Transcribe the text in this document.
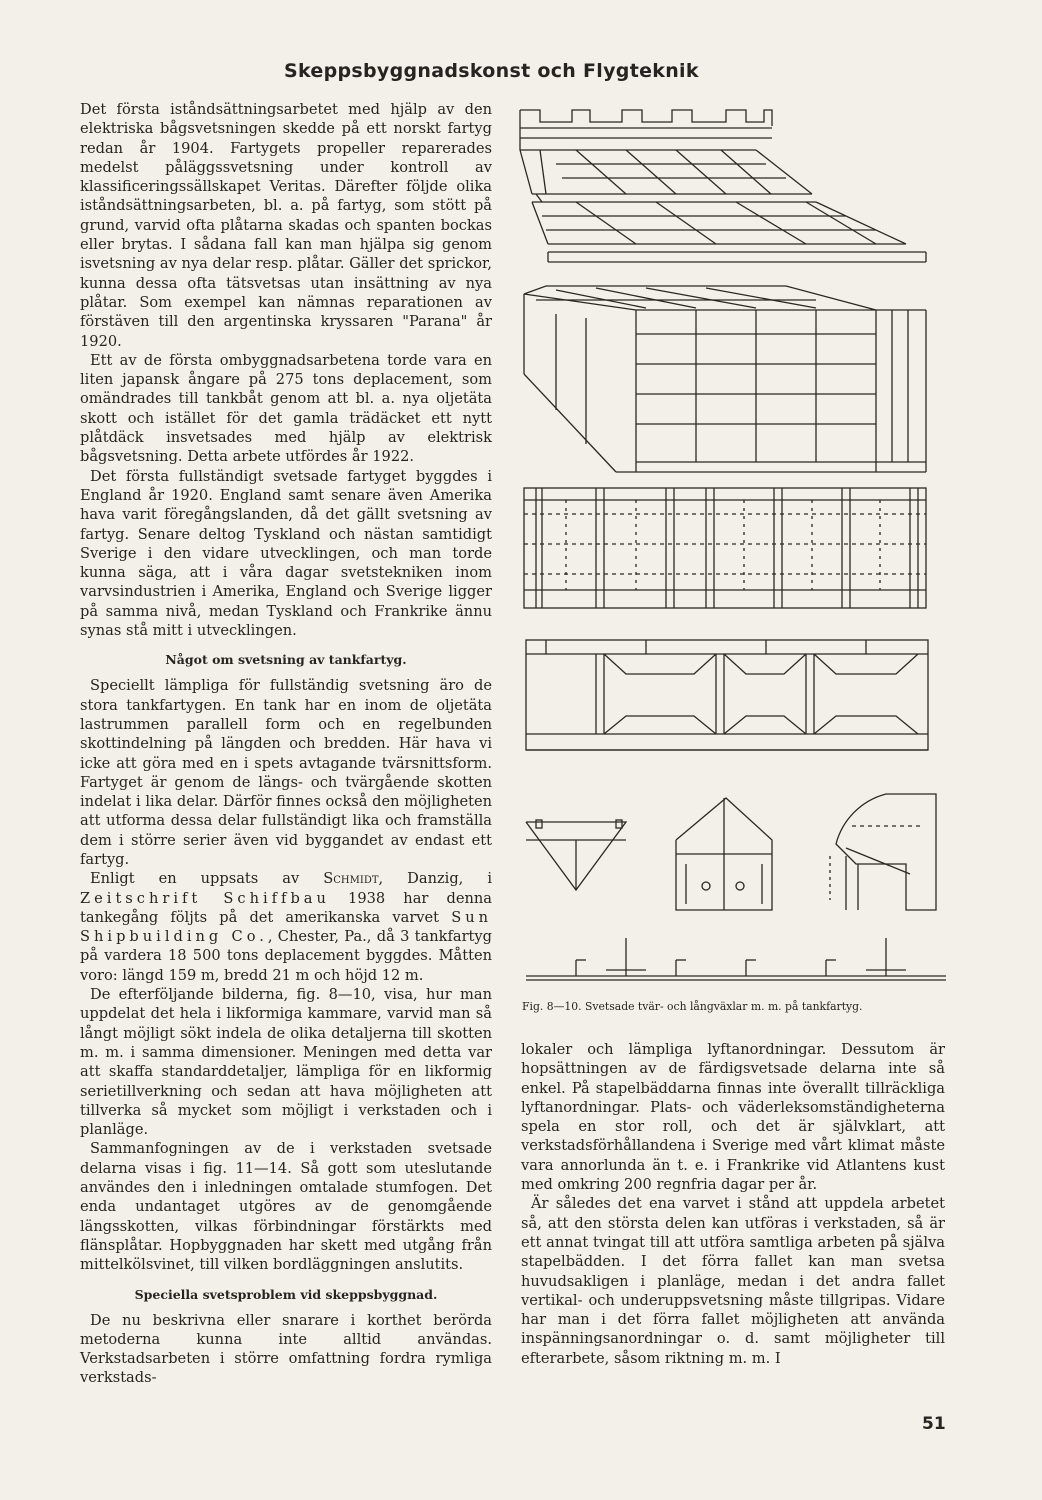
Skeppsbyggnadskonst och Flygteknik

Det första iståndsättningsarbetet med hjälp av den elektriska bågsvetsningen skedde på ett norskt fartyg redan år 1904. Fartygets propeller reparerades medelst påläggssvetsning under kontroll av klassificeringssällskapet Veritas. Därefter följde olika iståndsättningsarbeten, bl. a. på fartyg, som stött på grund, varvid ofta plåtarna skadas och spanten bockas eller brytas. I sådana fall kan man hjälpa sig genom isvetsning av nya delar resp. plåtar. Gäller det sprickor, kunna dessa ofta tätsvetsas utan insättning av nya plåtar. Som exempel kan nämnas reparationen av förstäven till den argentinska kryssaren "Parana" år 1920.

Ett av de första ombyggnadsarbetena torde vara en liten japansk ångare på 275 tons deplacement, som omändrades till tankbåt genom att bl. a. nya oljetäta skott och istället för det gamla trädäcket ett nytt plåtdäck insvetsades med hjälp av elektrisk bågsvetsning. Detta arbete utfördes år 1922.

Det första fullständigt svetsade fartyget byggdes i England år 1920. England samt senare även Amerika hava varit föregångslanden, då det gällt svetsning av fartyg. Senare deltog Tyskland och nästan samtidigt Sverige i den vidare utvecklingen, och man torde kunna säga, att i våra dagar svetstekniken inom varvsindustrien i Amerika, England och Sverige ligger på samma nivå, medan Tyskland och Frankrike ännu synas stå mitt i utvecklingen.

Något om svetsning av tankfartyg.

Speciellt lämpliga för fullständig svetsning äro de stora tankfartygen. En tank har en inom de oljetäta lastrummen parallell form och en regelbunden skottindelning på längden och bredden. Här hava vi icke att göra med en i spets avtagande tvärsnittsform. Fartyget är genom de längs- och tvärgående skotten indelat i lika delar. Därför finnes också den möjligheten att utforma dessa delar fullständigt lika och framställa dem i större serier även vid byggandet av endast ett fartyg.

Enligt en uppsats av Schmidt, Danzig, i Zeitschrift Schiffbau 1938 har denna tankegång följts på det amerikanska varvet Sun Shipbuilding Co., Chester, Pa., då 3 tankfartyg på vardera 18 500 tons deplacement byggdes. Måtten voro: längd 159 m, bredd 21 m och höjd 12 m.

De efterföljande bilderna, fig. 8—10, visa, hur man uppdelat det hela i likformiga kammare, varvid man så långt möjligt sökt indela de olika detaljerna till skotten m. m. i samma dimensioner. Meningen med detta var att skaffa standarddetaljer, lämpliga för en likformig serietillverkning och sedan att hava möjligheten att tillverka så mycket som möjligt i verkstaden och i planläge.

Sammanfogningen av de i verkstaden svetsade delarna visas i fig. 11—14. Så gott som uteslutande användes den i inledningen omtalade stumfogen. Det enda undantaget utgöres av de genomgående längsskotten, vilkas förbindningar förstärkts med flänsplåtar. Hopbyggnaden har skett med utgång från mittelkölsvinet, till vilken bordläggningen anslutits.

Speciella svetsproblem vid skeppsbyggnad.

De nu beskrivna eller snarare i korthet berörda metoderna kunna inte alltid användas. Verkstadsarbeten i större omfattning fordra rymliga verkstads-

Fig. 8—10. Svetsade tvär- och långväxlar m. m. på tankfartyg.

lokaler och lämpliga lyftanordningar. Dessutom är hopsättningen av de färdigsvetsade delarna inte så enkel. På stapelbäddarna finnas inte överallt tillräckliga lyftanordningar. Plats- och väderleksomständigheterna spela en stor roll, och det är självklart, att verkstadsförhållandena i Sverige med vårt klimat måste vara annorlunda än t. e. i Frankrike vid Atlantens kust med omkring 200 regnfria dagar per år.

Är således det ena varvet i stånd att uppdela arbetet så, att den största delen kan utföras i verkstaden, så är ett annat tvingat till att utföra samtliga arbeten på själva stapelbädden. I det förra fallet kan man svetsa huvudsakligen i planläge, medan i det andra fallet vertikal- och underuppsvetsning måste tillgripas. Vidare har man i det förra fallet möjligheten att använda inspänningsanordningar o. d. samt möjligheter till efterarbete, såsom riktning m. m. I

51
